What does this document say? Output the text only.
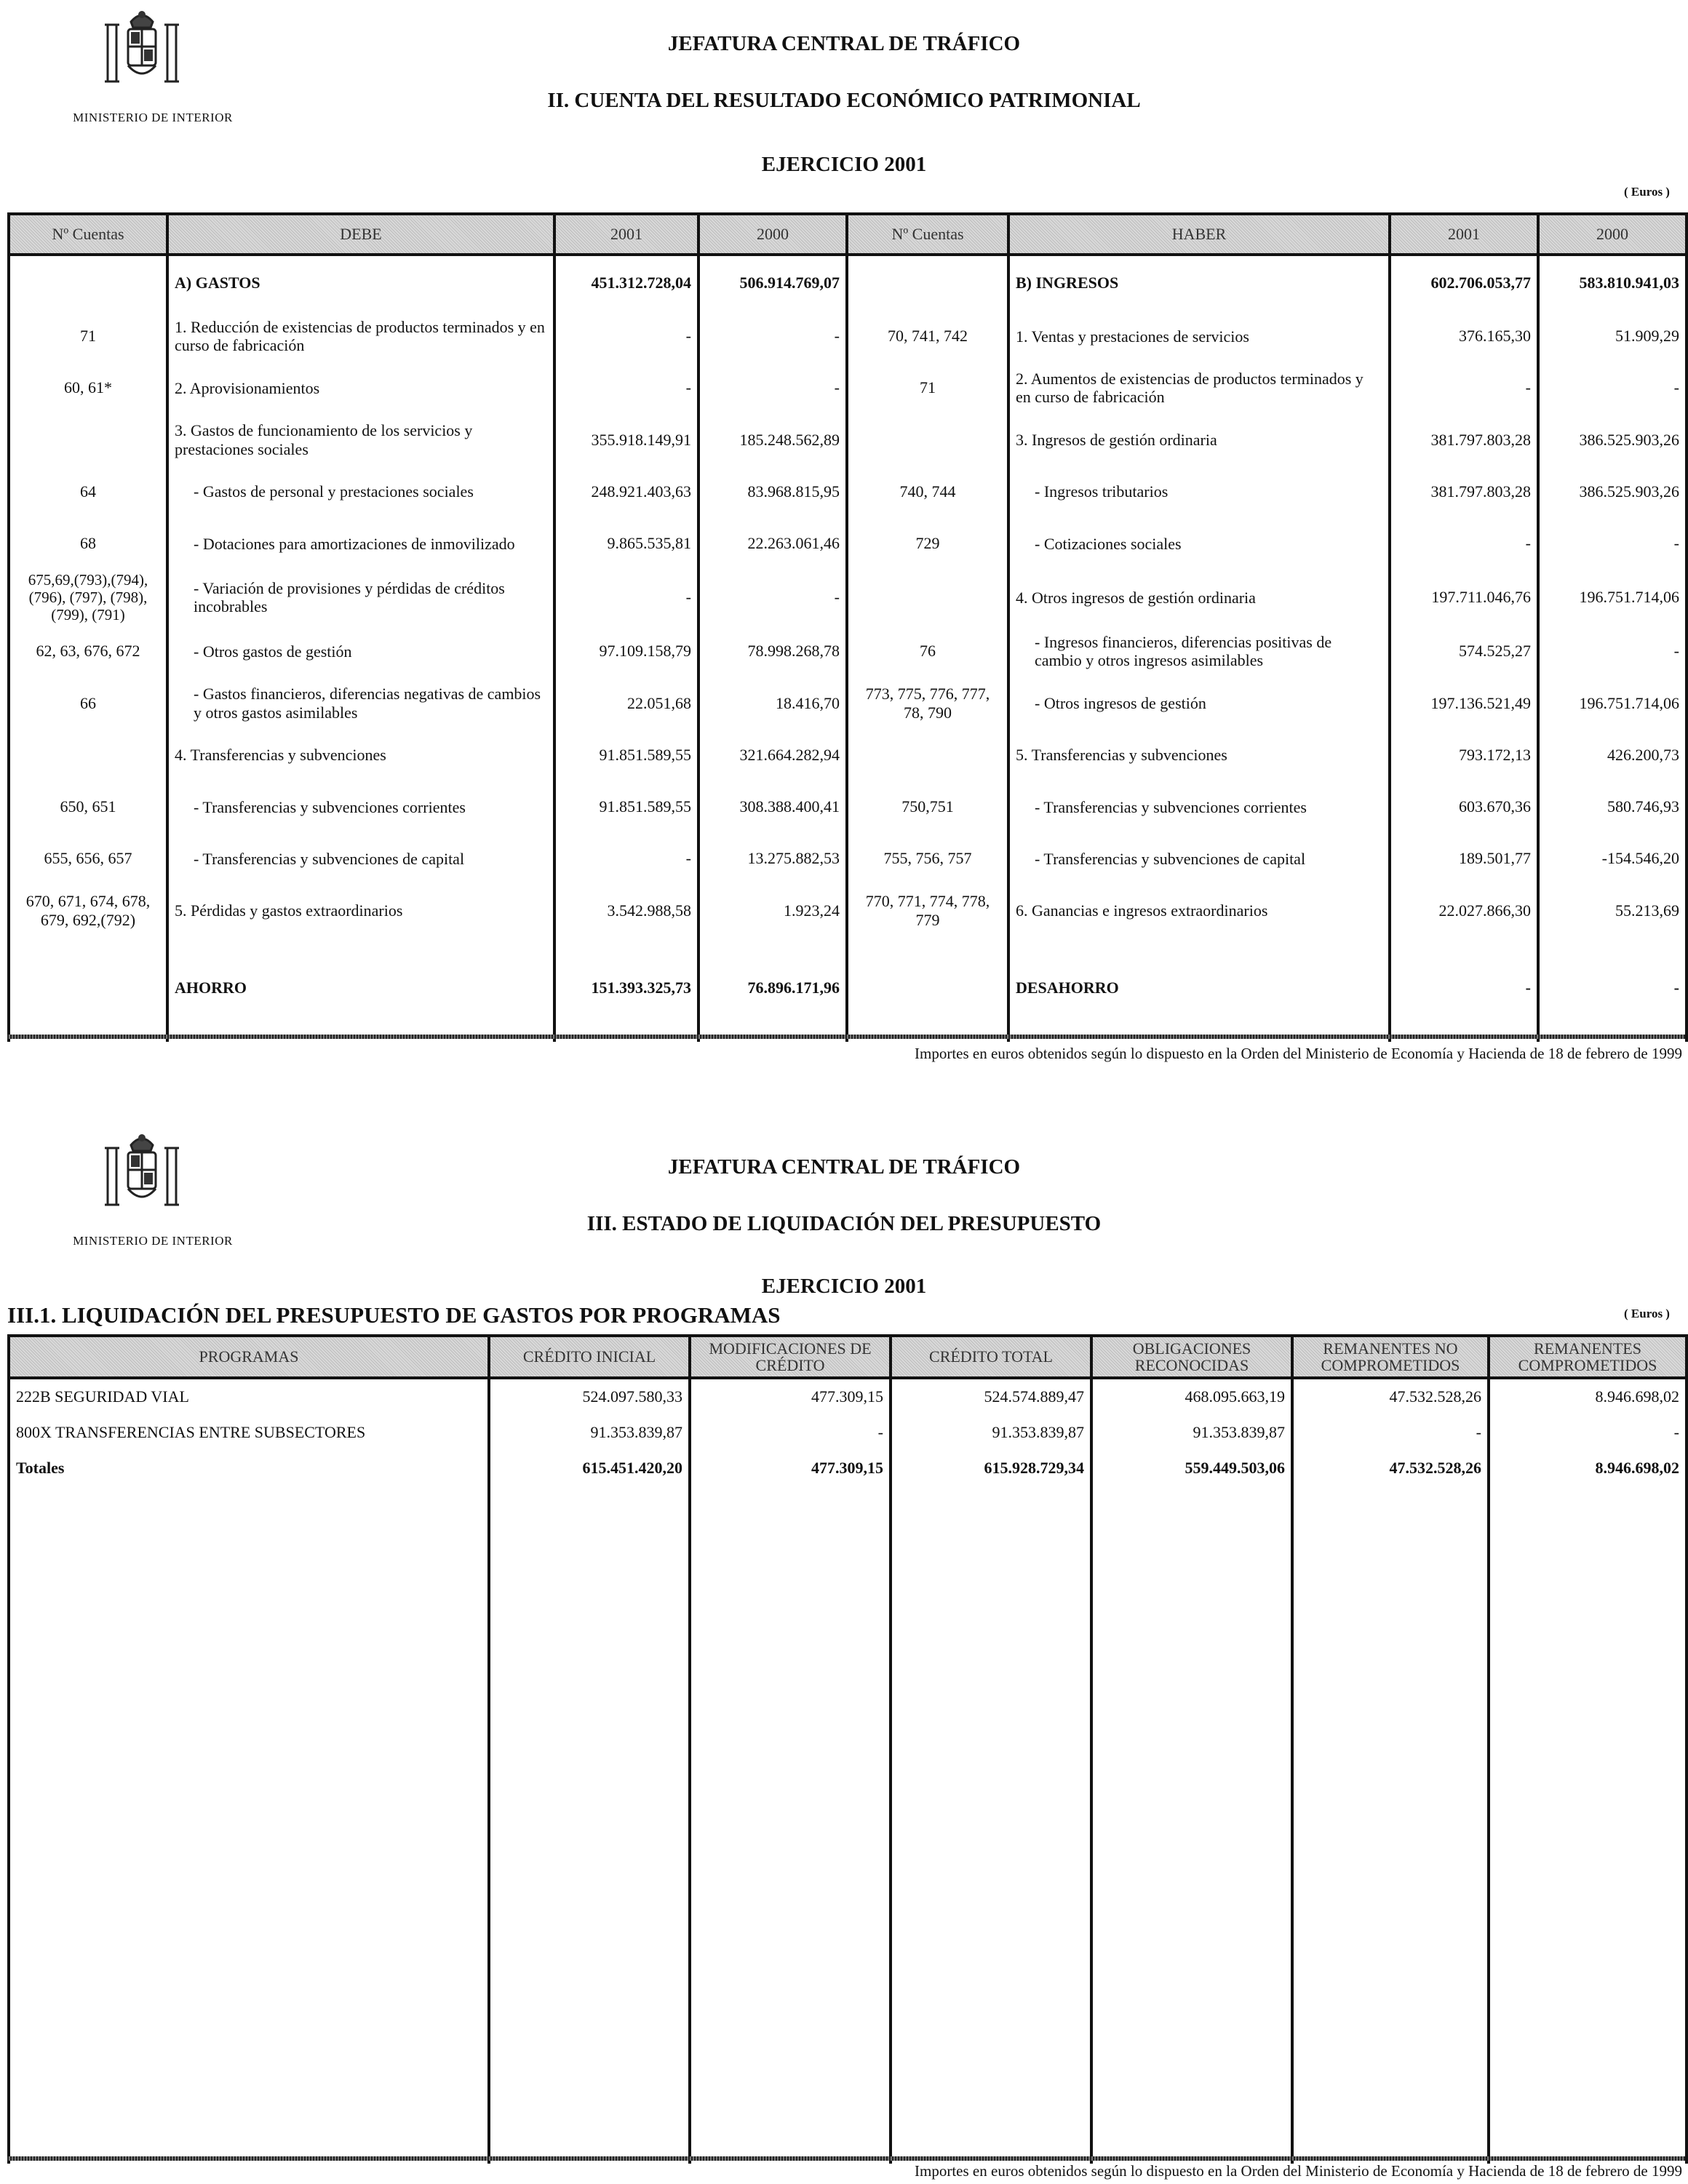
MINISTERIO DE INTERIOR
JEFATURA CENTRAL DE TRÁFICO
II. CUENTA DEL RESULTADO ECONÓMICO PATRIMONIAL
EJERCICIO 2001
( Euros )
Nº Cuentas	DEBE	2001	2000	Nº Cuentas	HABER	2001	2000
	A) GASTOS	451.312.728,04	506.914.769,07		B) INGRESOS	602.706.053,77	583.810.941,03
71	1. Reducción de existencias de productos terminados y en curso de fabricación	-	-	70, 741, 742	1. Ventas y prestaciones de servicios	376.165,30	51.909,29
60, 61*	2. Aprovisionamientos	-	-	71	2. Aumentos de existencias de productos terminados y en curso de fabricación	-	-
	3. Gastos de funcionamiento de los servicios y prestaciones sociales	355.918.149,91	185.248.562,89		3. Ingresos de gestión ordinaria	381.797.803,28	386.525.903,26
64	- Gastos de personal y prestaciones sociales	248.921.403,63	83.968.815,95	740, 744	- Ingresos tributarios	381.797.803,28	386.525.903,26
68	- Dotaciones para amortizaciones de inmovilizado	9.865.535,81	22.263.061,46	729	- Cotizaciones sociales	-	-
675,69,(793),(794), (796), (797), (798), (799), (791)	- Variación de provisiones y pérdidas de créditos incobrables	-	-		4. Otros ingresos de gestión ordinaria	197.711.046,76	196.751.714,06
62, 63, 676, 672	- Otros gastos de gestión	97.109.158,79	78.998.268,78	76	- Ingresos financieros, diferencias positivas de cambio y otros ingresos asimilables	574.525,27	-
66	- Gastos financieros, diferencias negativas de cambios y otros gastos asimilables	22.051,68	18.416,70	773, 775, 776, 777, 78, 790	- Otros ingresos de gestión	197.136.521,49	196.751.714,06
	4. Transferencias y subvenciones	91.851.589,55	321.664.282,94		5. Transferencias y subvenciones	793.172,13	426.200,73
650, 651	- Transferencias y subvenciones corrientes	91.851.589,55	308.388.400,41	750,751	- Transferencias y subvenciones corrientes	603.670,36	580.746,93
655, 656, 657	- Transferencias y subvenciones de capital	-	13.275.882,53	755, 756, 757	- Transferencias y subvenciones de capital	189.501,77	-154.546,20
670, 671, 674, 678, 679, 692,(792)	5. Pérdidas y gastos extraordinarios	3.542.988,58	1.923,24	770, 771, 774, 778, 779	6. Ganancias e ingresos extraordinarios	22.027.866,30	55.213,69
	AHORRO	151.393.325,73	76.896.171,96		DESAHORRO	-	-
Importes en euros obtenidos según lo dispuesto en la Orden del Ministerio de Economía y Hacienda de 18 de febrero de 1999
MINISTERIO DE INTERIOR
JEFATURA CENTRAL DE TRÁFICO
III. ESTADO DE LIQUIDACIÓN DEL PRESUPUESTO
EJERCICIO 2001
III.1. LIQUIDACIÓN DEL PRESUPUESTO DE GASTOS POR PROGRAMAS	( Euros )
PROGRAMAS	CRÉDITO INICIAL	MODIFICACIONES DE CRÉDITO	CRÉDITO TOTAL	OBLIGACIONES RECONOCIDAS	REMANENTES NO COMPROMETIDOS	REMANENTES COMPROMETIDOS
222B SEGURIDAD VIAL	524.097.580,33	477.309,15	524.574.889,47	468.095.663,19	47.532.528,26	8.946.698,02
800X TRANSFERENCIAS ENTRE SUBSECTORES	91.353.839,87	-	91.353.839,87	91.353.839,87	-	-
Totales	615.451.420,20	477.309,15	615.928.729,34	559.449.503,06	47.532.528,26	8.946.698,02

Importes en euros obtenidos según lo dispuesto en la Orden del Ministerio de Economía y Hacienda de 18 de febrero de 1999
